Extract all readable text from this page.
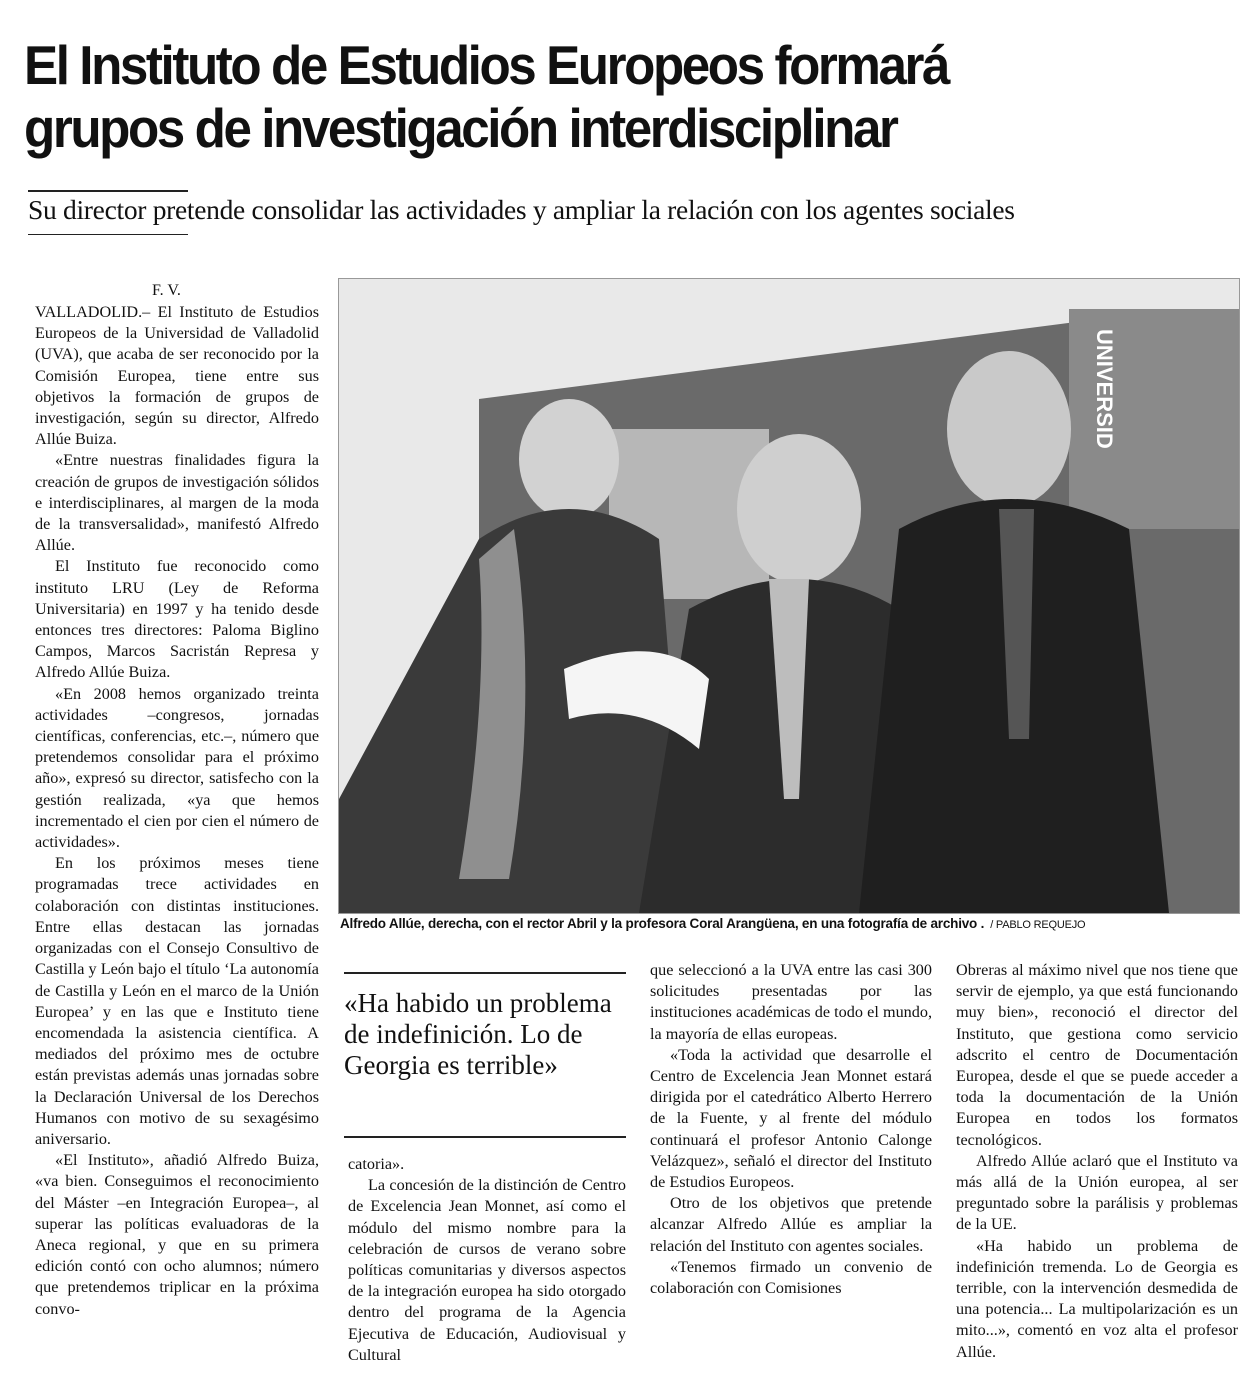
El Instituto de Estudios Europeos formará
grupos de investigación interdisciplinar
Su director pretende consolidar las actividades y ampliar la relación con los agentes sociales
F. V.

VALLADOLID.– El Instituto de Estudios Europeos de la Universidad de Valladolid (UVA), que acaba de ser reconocido por la Comisión Europea, tiene entre sus objetivos la formación de grupos de investigación, según su director, Alfredo Allúe Buiza.

«Entre nuestras finalidades figura la creación de grupos de investigación sólidos e interdisciplinares, al margen de la moda de la transversalidad», manifestó Alfredo Allúe.

El Instituto fue reconocido como instituto LRU (Ley de Reforma Universitaria) en 1997 y ha tenido desde entonces tres directores: Paloma Biglino Campos, Marcos Sacristán Represa y Alfredo Allúe Buiza.

«En 2008 hemos organizado treinta actividades –congresos, jornadas científicas, conferencias, etc.–, número que pretendemos consolidar para el próximo año», expresó su director, satisfecho con la gestión realizada, «ya que hemos incrementado el cien por cien el número de actividades».

En los próximos meses tiene programadas trece actividades en colaboración con distintas instituciones. Entre ellas destacan las jornadas organizadas con el Consejo Consultivo de Castilla y León bajo el título ‘La autonomía de Castilla y León en el marco de la Unión Europea’ y en las que e Instituto tiene encomendada la asistencia científica. A mediados del próximo mes de octubre están previstas además unas jornadas sobre la Declaración Universal de los Derechos Humanos con motivo de su sexagésimo aniversario.

«El Instituto», añadió Alfredo Buiza, «va bien. Conseguimos el reconocimiento del Máster –en Integración Europea–, al superar las políticas evaluadoras de la Aneca regional, y que en su primera edición contó con ocho alumnos; número que pretendemos triplicar en la próxima convo-

UNIVERSID
Alfredo Allúe, derecha, con el rector Abril y la profesora Coral Arangüena, en una fotografía de archivo . / PABLO REQUEJO
«Ha habido un problema de indefinición. Lo de Georgia es terrible»

catoria».

La concesión de la distinción de Centro de Excelencia Jean Monnet, así como el módulo del mismo nombre para la celebración de cursos de verano sobre políticas comunitarias y diversos aspectos de la integración europea ha sido otorgado dentro del programa de la Agencia Ejecutiva de Educación, Audiovisual y Cultural

que seleccionó a la UVA entre las casi 300 solicitudes presentadas por las instituciones académicas de todo el mundo, la mayoría de ellas europeas.

«Toda la actividad que desarrolle el Centro de Excelencia Jean Monnet estará dirigida por el catedrático Alberto Herrero de la Fuente, y al frente del módulo continuará el profesor Antonio Calonge Velázquez», señaló el director del Instituto de Estudios Europeos.

Otro de los objetivos que pretende alcanzar Alfredo Allúe es ampliar la relación del Instituto con agentes sociales.

«Tenemos firmado un convenio de colaboración con Comisiones

Obreras al máximo nivel que nos tiene que servir de ejemplo, ya que está funcionando muy bien», reconoció el director del Instituto, que gestiona como servicio adscrito el centro de Documentación Europea, desde el que se puede acceder a toda la documentación de la Unión Europea en todos los formatos tecnológicos.

Alfredo Allúe aclaró que el Instituto va más allá de la Unión europea, al ser preguntado sobre la parálisis y problemas de la UE.

«Ha habido un problema de indefinición tremenda. Lo de Georgia es terrible, con la intervención desmedida de una potencia... La multipolarización es un mito...», comentó en voz alta el profesor Allúe.
